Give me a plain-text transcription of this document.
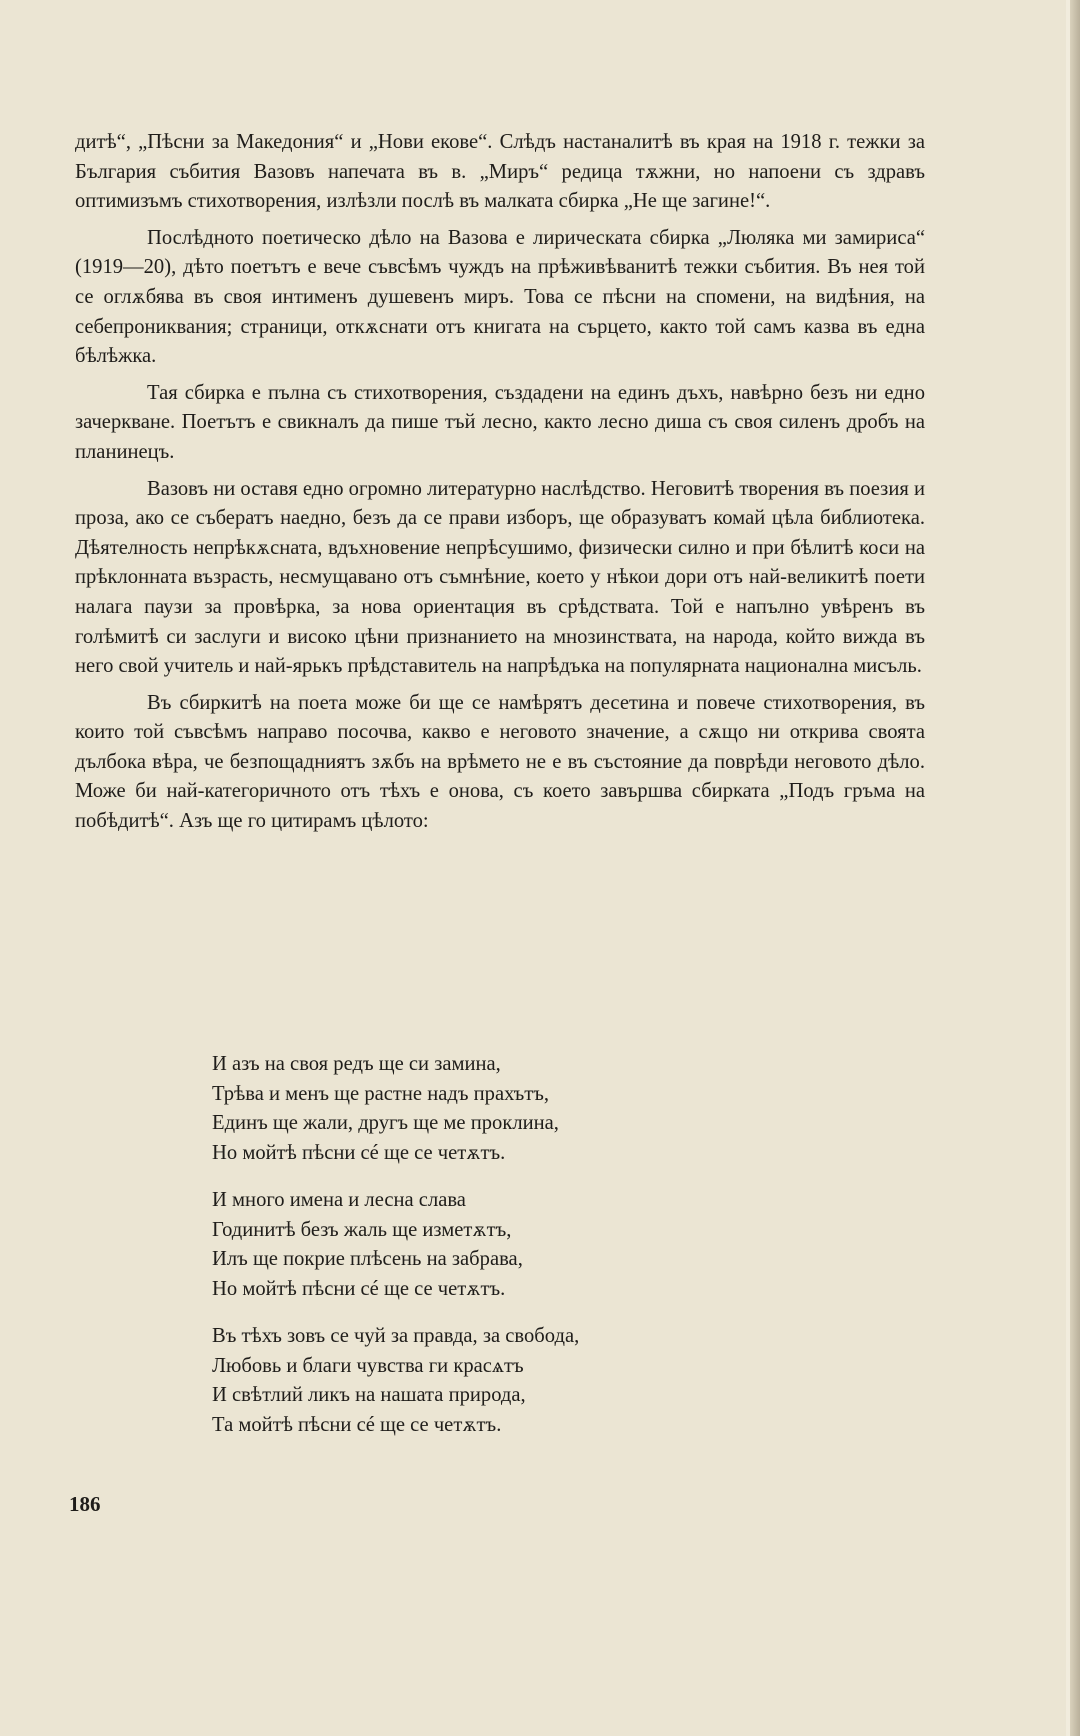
дитѣ“, „Пѣсни за Македония“ и „Нови екове“. Слѣдъ настаналитѣ въ края на 1918 г. тежки за България събития Вазовъ напечата въ в. „Миръ“ редица тѫжни, но напоени съ здравъ оптимизъмъ стихотворения, излѣзли послѣ въ малката сбирка „Не ще загине!“.

Послѣдното поетическо дѣло на Вазова е лирическата сбирка „Люляка ми замириса“ (1919—20), дѣто поетътъ е вече съвсѣмъ чуждъ на прѣживѣванитѣ тежки събития. Въ нея той се оглѫбява въ своя интименъ душевенъ миръ. Това се пѣсни на спомени, на видѣния, на себепрониквания; страници, откѫснати отъ книгата на сърцето, както той самъ казва въ една бѣлѣжка.

Тая сбирка е пълна съ стихотворения, създадени на единъ дъхъ, навѣрно безъ ни едно зачеркване. Поетътъ е свикналъ да пише тъй лесно, както лесно диша съ своя силенъ дробъ на планинецъ.

Вазовъ ни оставя едно огромно литературно наслѣдство. Неговитѣ творения въ поезия и проза, ако се събератъ наедно, безъ да се прави изборъ, ще образуватъ комай цѣла библиотека. Дѣятелность непрѣкѫсната, вдъхновение непрѣсушимо, физически силно и при бѣлитѣ коси на прѣклонната възрасть, несмущавано отъ съмнѣние, което у нѣкои дори отъ най-великитѣ поети налага паузи за провѣрка, за нова ориентация въ срѣдствата. Той е напълно увѣренъ въ голѣмитѣ си заслуги и високо цѣни признанието на мнозинствата, на народа, който вижда въ него свой учитель и най-ярькъ прѣдставитель на напрѣдъка на популярната национална мисъль.

Въ сбиркитѣ на поета може би ще се намѣрятъ десетина и повече стихотворения, въ които той съвсѣмъ направо посочва, какво е неговото значение, а сѫщо ни открива своята дълбока вѣра, че безпощадниятъ зѫбъ на врѣмето не е въ състояние да поврѣди неговото дѣло. Може би най-категоричното отъ тѣхъ е онова, съ което завършва сбирката „Подъ гръма на побѣдитѣ“. Азъ ще го цитирамъ цѣлото:

И азъ на своя редъ ще си замина,
Трѣва и менъ ще растне надъ прахътъ,
Единъ ще жали, другъ ще ме проклина,
Но мойтѣ пѣсни сé ще се четѫтъ.
И много имена и лесна слава
Годинитѣ безъ жаль ще изметѫтъ,
Илъ ще покрие плѣсень на забрава,
Но мойтѣ пѣсни сé ще се четѫтъ.
Въ тѣхъ зовъ се чуй за правда, за свобода,
Любовь и благи чувства ги красѧтъ
И свѣтлий ликъ на нашата природа,
Та мойтѣ пѣсни сé ще се четѫтъ.
186
